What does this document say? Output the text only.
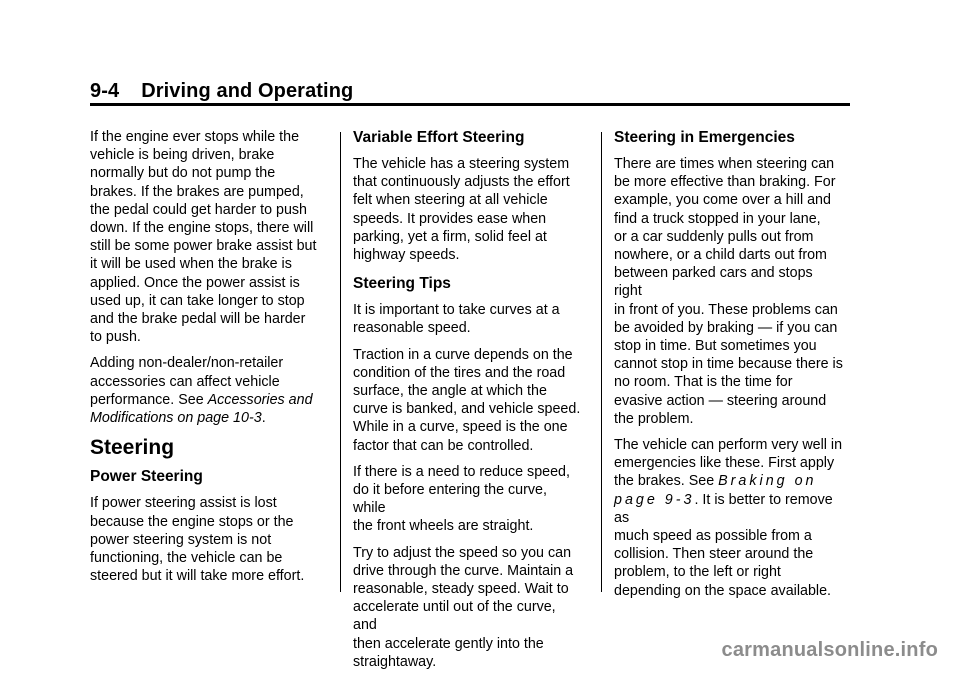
9-4 Driving and Operating

If the engine ever stops while the
vehicle is being driven, brake
normally but do not pump the
brakes. If the brakes are pumped,
the pedal could get harder to push
down. If the engine stops, there will
still be some power brake assist but
it will be used when the brake is
applied. Once the power assist is
used up, it can take longer to stop
and the brake pedal will be harder
to push.

Adding non-dealer/non-retailer
accessories can affect vehicle
performance. See Accessories and
Modifications on page 10-3.

Steering
Power Steering

If power steering assist is lost
because the engine stops or the
power steering system is not
functioning, the vehicle can be
steered but it will take more effort.

Variable Effort Steering

The vehicle has a steering system
that continuously adjusts the effort
felt when steering at all vehicle
speeds. It provides ease when
parking, yet a firm, solid feel at
highway speeds.

Steering Tips

It is important to take curves at a
reasonable speed.

Traction in a curve depends on the
condition of the tires and the road
surface, the angle at which the
curve is banked, and vehicle speed.
While in a curve, speed is the one
factor that can be controlled.

If there is a need to reduce speed,
do it before entering the curve, while
the front wheels are straight.

Try to adjust the speed so you can
drive through the curve. Maintain a
reasonable, steady speed. Wait to
accelerate until out of the curve, and
then accelerate gently into the
straightaway.

Steering in Emergencies

There are times when steering can
be more effective than braking. For
example, you come over a hill and
find a truck stopped in your lane,
or a car suddenly pulls out from
nowhere, or a child darts out from
between parked cars and stops right
in front of you. These problems can
be avoided by braking — if you can
stop in time. But sometimes you
cannot stop in time because there is
no room. That is the time for
evasive action — steering around
the problem.

The vehicle can perform very well in
emergencies like these. First apply
the brakes. See Braking on
page 9-3. It is better to remove as
much speed as possible from a
collision. Then steer around the
problem, to the left or right
depending on the space available.

carmanualsonline.info
